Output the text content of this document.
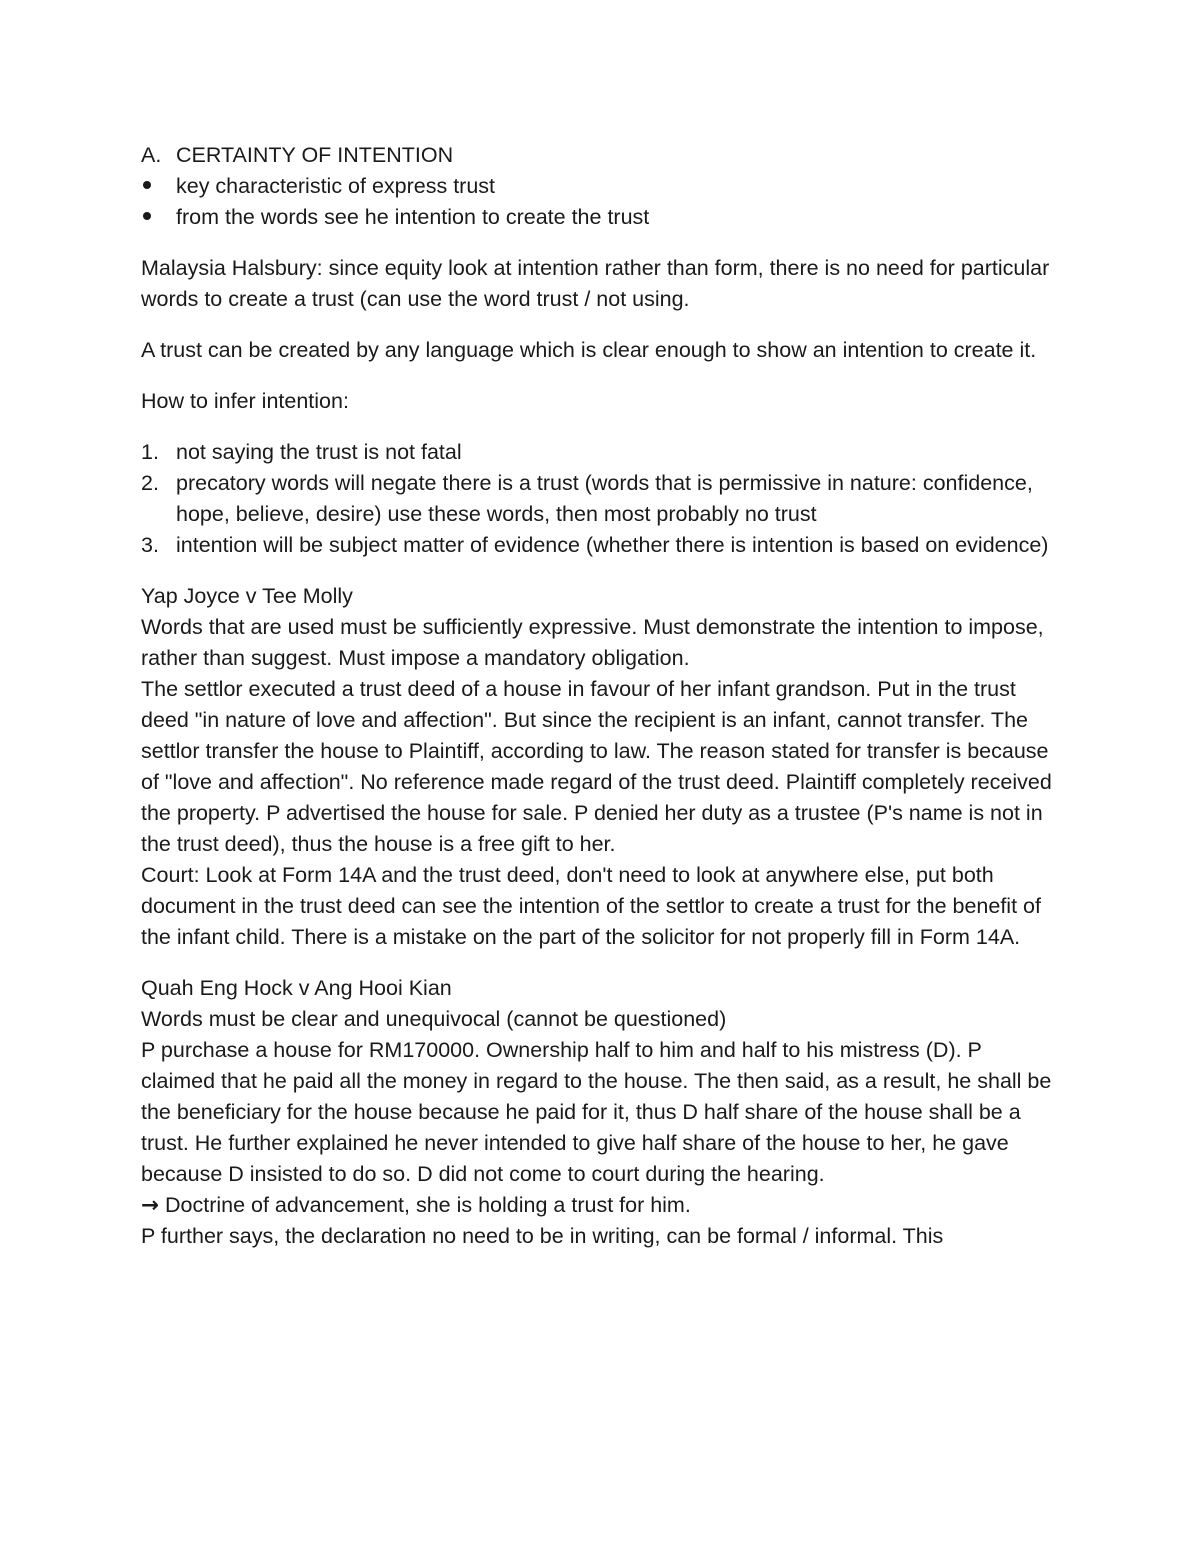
A. CERTAINTY OF INTENTION
key characteristic of express trust
from the words see he intention to create the trust

Malaysia Halsbury: since equity look at intention rather than form, there is no need for particular words to create a trust (can use the word trust / not using.

A trust can be created by any language which is clear enough to show an intention to create it.

How to infer intention:

1. not saying the trust is not fatal
2. precatory words will negate there is a trust (words that is permissive in nature: confidence, hope, believe, desire) use these words, then most probably no trust
3. intention will be subject matter of evidence (whether there is intention is based on evidence)

Yap Joyce v Tee Molly

Words that are used must be sufficiently expressive. Must demonstrate the intention to impose, rather than suggest. Must impose a mandatory obligation.

The settlor executed a trust deed of a house in favour of her infant grandson. Put in the trust deed "in nature of love and affection". But since the recipient is an infant, cannot transfer. The settlor transfer the house to Plaintiff, according to law. The reason stated for transfer is because of "love and affection". No reference made regard of the trust deed. Plaintiff completely received the property. P advertised the house for sale. P denied her duty as a trustee (P's name is not in the trust deed), thus the house is a free gift to her.

Court: Look at Form 14A and the trust deed, don't need to look at anywhere else, put both document in the trust deed can see the intention of the settlor to create a trust for the benefit of the infant child. There is a mistake on the part of the solicitor for not properly fill in Form 14A.

Quah Eng Hock v Ang Hooi Kian

Words must be clear and unequivocal (cannot be questioned)

P purchase a house for RM170000. Ownership half to him and half to his mistress (D). P claimed that he paid all the money in regard to the house. The then said, as a result, he shall be the beneficiary for the house because he paid for it, thus D half share of the house shall be a trust. He further explained he never intended to give half share of the house to her, he gave because D insisted to do so. D did not come to court during the hearing.

→ Doctrine of advancement, she is holding a trust for him.

P further says, the declaration no need to be in writing, can be formal / informal. This
